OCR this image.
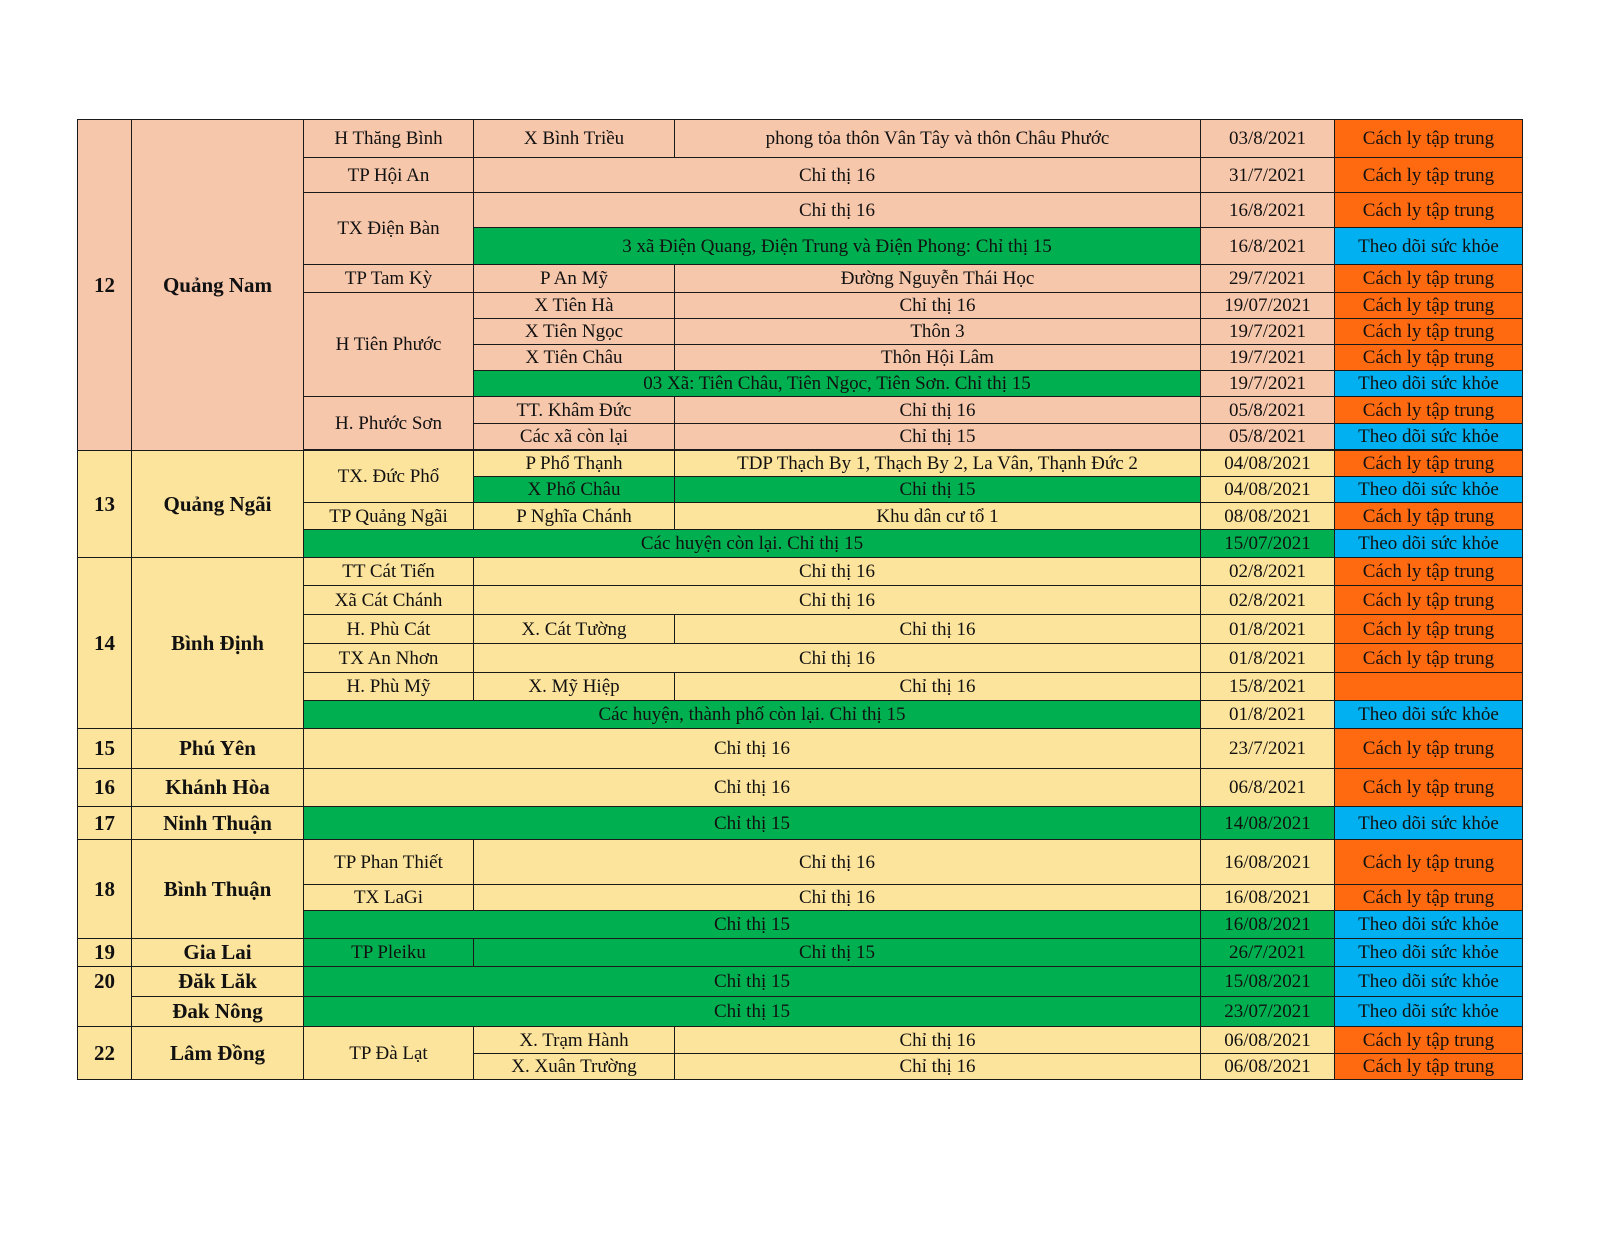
12	Quảng Nam	H Thăng Bình	X Bình Triều	phong tỏa thôn Vân Tây và thôn Châu Phước	03/8/2021	Cách ly tập trung
		TP Hội An	Chỉ thị 16		31/7/2021	Cách ly tập trung
		TX Điện Bàn	Chỉ thị 16		16/8/2021	Cách ly tập trung
			3 xã Điện Quang, Điện Trung và Điện Phong: Chỉ thị 15		16/8/2021	Theo dõi sức khỏe
		TP Tam Kỳ	P An Mỹ	Đường Nguyễn Thái Học	29/7/2021	Cách ly tập trung
		H Tiên Phước	X Tiên Hà	Chỉ thị 16	19/07/2021	Cách ly tập trung
			X Tiên Ngọc	Thôn 3	19/7/2021	Cách ly tập trung
			X Tiên Châu	Thôn Hội Lâm	19/7/2021	Cách ly tập trung
			03 Xã: Tiên Châu, Tiên Ngọc, Tiên Sơn. Chỉ thị 15		19/7/2021	Theo dõi sức khỏe
		H. Phước Sơn	TT. Khâm Đức	Chỉ thị 16	05/8/2021	Cách ly tập trung
			Các xã còn lại	Chỉ thị 15	05/8/2021	Theo dõi sức khỏe

13	Quảng Ngãi	TX. Đức Phổ	P Phổ Thạnh	TDP Thạch By 1, Thạch By 2, La Vân, Thạnh Đức 2	04/08/2021	Cách ly tập trung
			X Phổ Châu	Chỉ thị 15	04/08/2021	Theo dõi sức khỏe
		TP Quảng Ngãi	P Nghĩa Chánh	Khu dân cư tổ 1	08/08/2021	Cách ly tập trung
		Các huyện còn lại. Chỉ thị 15			15/07/2021	Theo dõi sức khỏe
14	Bình Định	TT Cát Tiến	Chỉ thị 16		02/8/2021	Cách ly tập trung
		Xã Cát Chánh	Chỉ thị 16		02/8/2021	Cách ly tập trung
		H. Phù Cát	X. Cát Tường	Chỉ thị 16	01/8/2021	Cách ly tập trung
		TX An Nhơn	Chỉ thị 16		01/8/2021	Cách ly tập trung
		H. Phù Mỹ	X. Mỹ Hiệp	Chỉ thị 16	15/8/2021	
		Các huyện, thành phố còn lại. Chỉ thị 15			01/8/2021	Theo dõi sức khỏe
15	Phú Yên	Chỉ thị 16			23/7/2021	Cách ly tập trung
16	Khánh Hòa	Chỉ thị 16			06/8/2021	Cách ly tập trung
17	Ninh Thuận	Chỉ thị 15			14/08/2021	Theo dõi sức khỏe
18	Bình Thuận	TP Phan Thiết	Chỉ thị 16		16/08/2021	Cách ly tập trung
		TX LaGi	Chỉ thị 16		16/08/2021	Cách ly tập trung
		Chỉ thị 15			16/08/2021	Theo dõi sức khỏe
19	Gia Lai	TP Pleiku	Chỉ thị 15		26/7/2021	Theo dõi sức khỏe
20	Đăk Lăk	Chỉ thị 15			15/08/2021	Theo dõi sức khỏe
	Đak Nông	Chỉ thị 15			23/07/2021	Theo dõi sức khỏe
22	Lâm Đồng	TP Đà Lạt	X. Trạm Hành	Chỉ thị 16	06/08/2021	Cách ly tập trung
			X. Xuân Trường	Chỉ thị 16	06/08/2021	Cách ly tập trung
